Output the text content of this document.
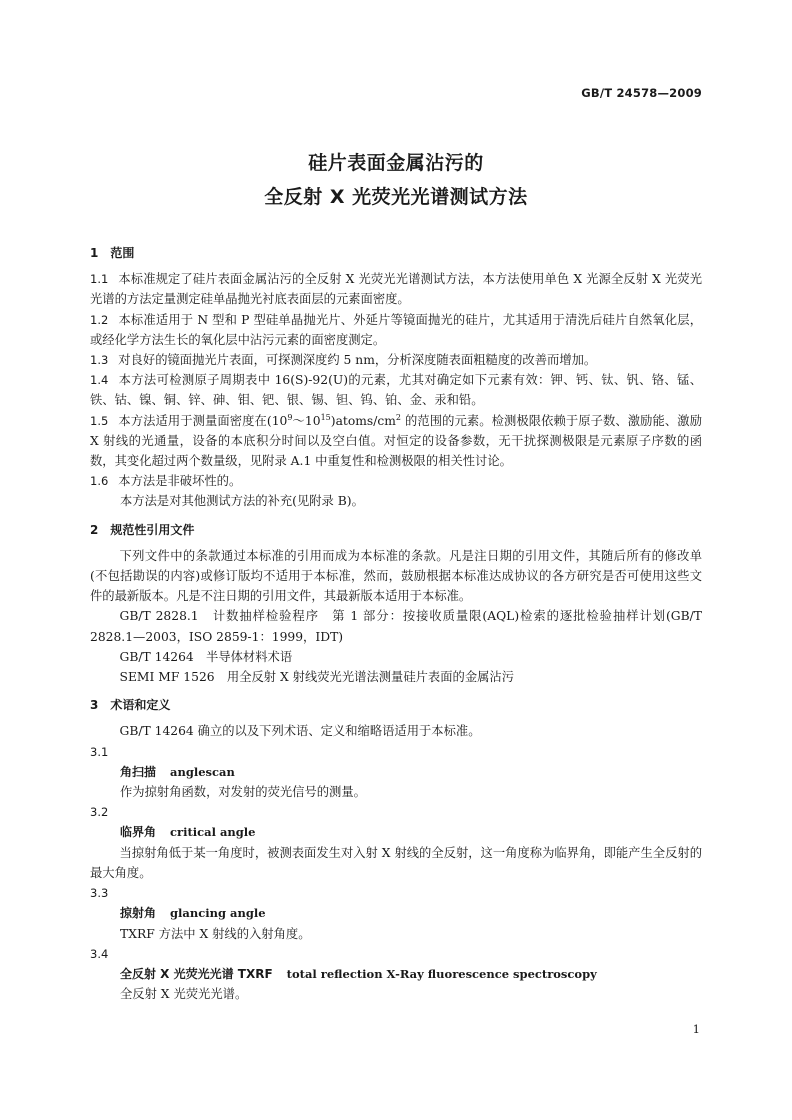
GB/T 24578—2009
硅片表面金属沾污的
全反射 X 光荧光光谱测试方法

1　范围

1.1 本标准规定了硅片表面金属沾污的全反射 X 光荧光光谱测试方法，本方法使用单色 X 光源全反射 X 光荧光光谱的方法定量测定硅单晶抛光衬底表面层的元素面密度。

1.2 本标准适用于 N 型和 P 型硅单晶抛光片、外延片等镜面抛光的硅片，尤其适用于清洗后硅片自然氧化层，或经化学方法生长的氧化层中沾污元素的面密度测定。

1.3 对良好的镜面抛光片表面，可探测深度约 5 nm，分析深度随表面粗糙度的改善而增加。

1.4 本方法可检测原子周期表中 16(S)-92(U)的元素，尤其对确定如下元素有效：钾、钙、钛、钒、铬、锰、铁、钴、镍、铜、锌、砷、钼、钯、银、锡、钽、钨、铂、金、汞和铅。

1.5 本方法适用于测量面密度在$(10^9\sim 10^{15})atoms/cm^2$ 的范围的元素。检测极限依赖于原子数、激励能、激励 X 射线的光通量，设备的本底积分时间以及空白值。对恒定的设备参数，无干扰探测极限是元素原子序数的函数，其变化超过两个数量级，见附录 A.1 中重复性和检测极限的相关性讨论。

1.6 本方法是非破坏性的。

本方法是对其他测试方法的补充(见附录 B)。

2　规范性引用文件

下列文件中的条款通过本标准的引用而成为本标准的条款。凡是注日期的引用文件，其随后所有的修改单(不包括勘误的内容)或修订版均不适用于本标准，然而，鼓励根据本标准达成协议的各方研究是否可使用这些文件的最新版本。凡是不注日期的引用文件，其最新版本适用于本标准。

GB/T 2828.1　计数抽样检验程序　第 1 部分：按接收质量限(AQL)检索的逐批检验抽样计划(GB/T 2828.1—2003，ISO 2859-1：1999，IDT)

GB/T 14264　半导体材料术语

SEMI MF 1526　用全反射 X 射线荧光光谱法测量硅片表面的金属沾污

3　术语和定义

GB/T 14264 确立的以及下列术语、定义和缩略语适用于本标准。

3.1

角扫描 anglescan

作为掠射角函数，对发射的荧光信号的测量。

3.2

临界角 critical angle

当掠射角低于某一角度时，被测表面发生对入射 X 射线的全反射，这一角度称为临界角，即能产生全反射的最大角度。

3.3

掠射角 glancing angle

TXRF 方法中 X 射线的入射角度。

3.4

全反射 X 光荧光光谱 TXRF total reflection X-Ray fluorescence spectroscopy

全反射 X 光荧光光谱。

1
